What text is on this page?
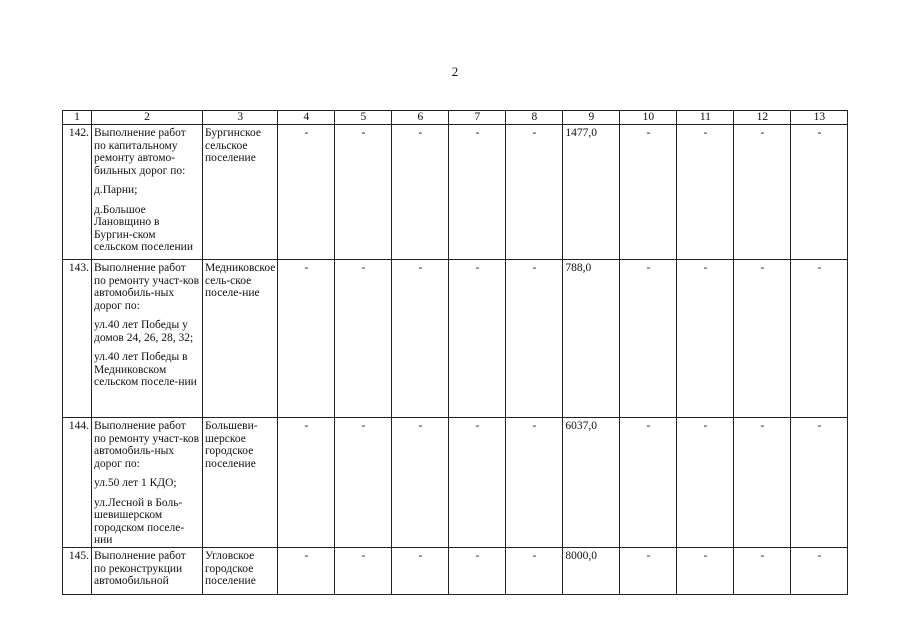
2
1	2	3	4	5	6	7	8	9	10	11	12	13
142.	Выполнение работ по капитальному ремонту автомо-бильных дорог по:
д.Парни;
д.Большое Лановщино в Бургин-ском сельском поселении	Бургинское сельское поселение	-	-	-	-	-	1477,0	-	-	-	-
143.	Выполнение работ по ремонту участ-ков автомобиль-ных дорог по:
ул.40 лет Победы у домов 24, 26, 28, 32;
ул.40 лет Победы в Медниковском сельском поселе-нии	Медниковское сель-ское поселе-ние	-	-	-	-	-	788,0	-	-	-	-
144.	Выполнение работ по ремонту участ-ков автомобиль-ных дорог по:
ул.50 лет 1 КДО;
ул.Лесной в Боль-шевишерском городском поселе-нии	Большеви-шерское городское поселение	-	-	-	-	-	6037,0	-	-	-	-
145.	Выполнение работ по реконструкции автомобильной	Угловское городское поселение	-	-	-	-	-	8000,0	-	-	-	-
